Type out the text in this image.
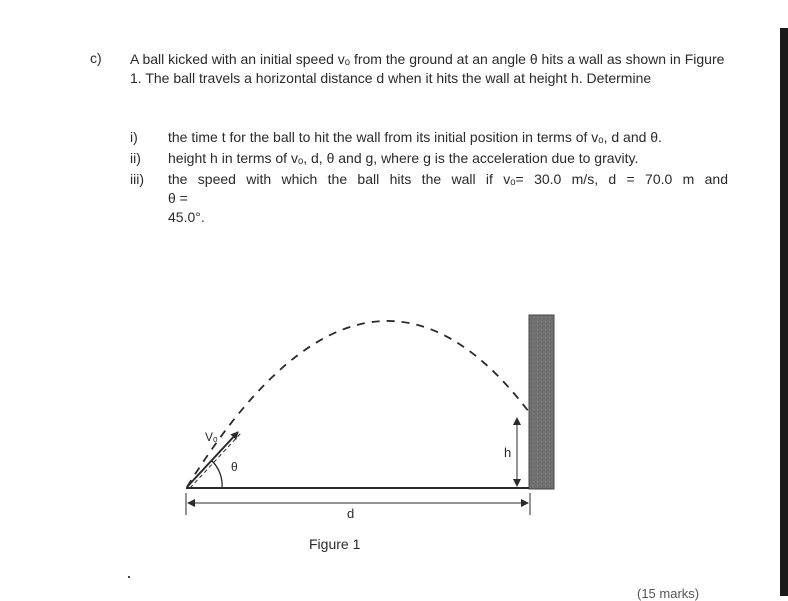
c) A ball kicked with an initial speed vₒ from the ground at an angle θ hits a wall as shown in Figure 1. The ball travels a horizontal distance d when it hits the wall at height h. Determine
i) the time t for the ball to hit the wall from its initial position in terms of vₒ, d and θ.
ii) height h in terms of vₒ, d, θ and g, where g is the acceleration due to gravity.
iii) the speed with which the ball hits the wall if vₒ= 30.0 m/s, d = 70.0 m and
θ = 45.0°.
Vₒ
θ
h
d
Figure 1
(15 marks)
